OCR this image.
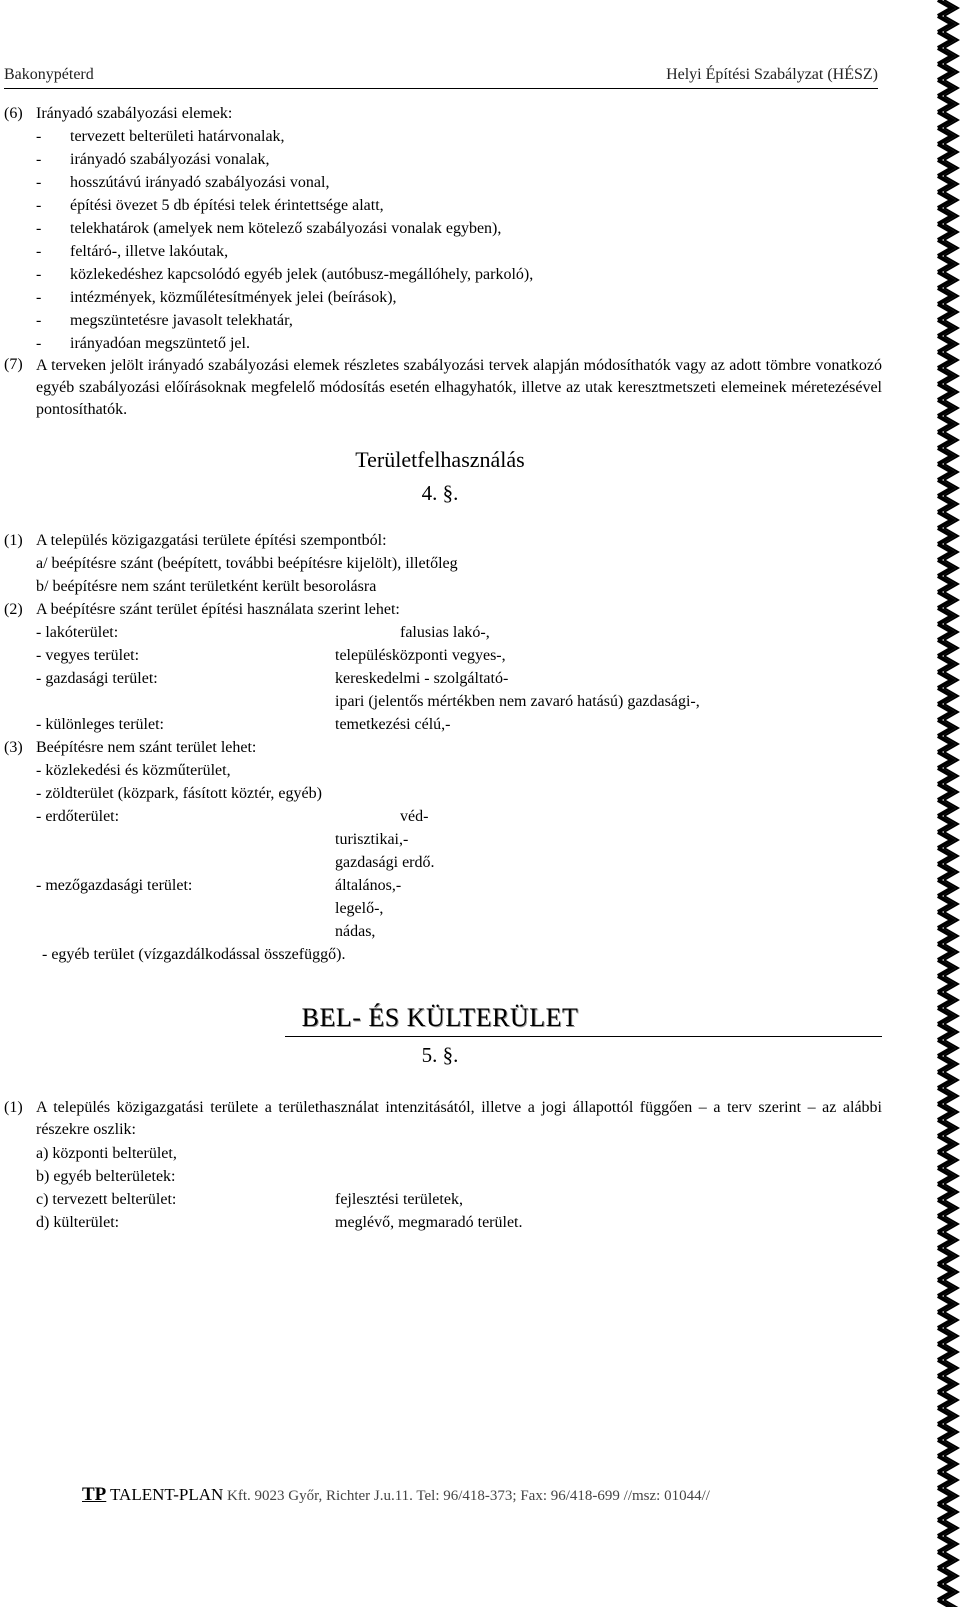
Bakonypéterd	Helyi Építési Szabályzat (HÉSZ)
(6) Irányadó szabályozási elemek:
- tervezett belterületi határvonalak,
- irányadó szabályozási vonalak,
- hosszútávú irányadó szabályozási vonal,
- építési övezet 5 db építési telek érintettsége alatt,
- telekhatárok (amelyek nem kötelező szabályozási vonalak egyben),
- feltáró-, illetve lakóutak,
- közlekedéshez kapcsolódó egyéb jelek (autóbusz-megállóhely, parkoló),
- intézmények, közműlétesítmények jelei (beírások),
- megszüntetésre javasolt telekhatár,
- irányadóan megszüntető jel.
(7) A terveken jelölt irányadó szabályozási elemek részletes szabályozási tervek alapján módosíthatók vagy az adott tömbre vonatkozó egyéb szabályozási előírásoknak megfelelő módosítás esetén elhagyhatók, illetve az utak keresztmetszeti elemeinek méretezésével pontosíthatók.
Területfelhasználás
4. §.
(1) A település közigazgatási területe építési szempontból:
a/ beépítésre szánt (beépített, további beépítésre kijelölt), illetőleg
b/ beépítésre nem szánt területként került besorolásra
(2) A beépítésre szánt terület építési használata szerint lehet:
- lakóterület:	falusias lakó-,
- vegyes terület:	településközponti vegyes-,
- gazdasági terület:	kereskedelmi - szolgáltató-
ipari (jelentős mértékben nem zavaró hatású) gazdasági-,
- különleges terület:	temetkezési célú,-
(3) Beépítésre nem szánt terület lehet:
- közlekedési és közműterület,
- zöldterület (közpark, fásított köztér, egyéb)
- erdőterület:	véd-
turisztikai,-
gazdasági erdő.
- mezőgazdasági terület:	általános,-
legelő-,
nádas,
- egyéb terület (vízgazdálkodással összefüggő).
BEL- ÉS KÜLTERÜLET
5. §.
(1) A település közigazgatási területe a területhasználat intenzitásától, illetve a jogi állapottól függően – a terv szerint – az alábbi részekre oszlik:
a) központi belterület,
b) egyéb belterületek:
c) tervezett belterület:	fejlesztési területek,
d) külterület:	meglévő, megmaradó terület.
TP TALENT-PLAN Kft. 9023 Győr, Richter J.u.11. Tel: 96/418-373; Fax: 96/418-699 //msz: 01044//
